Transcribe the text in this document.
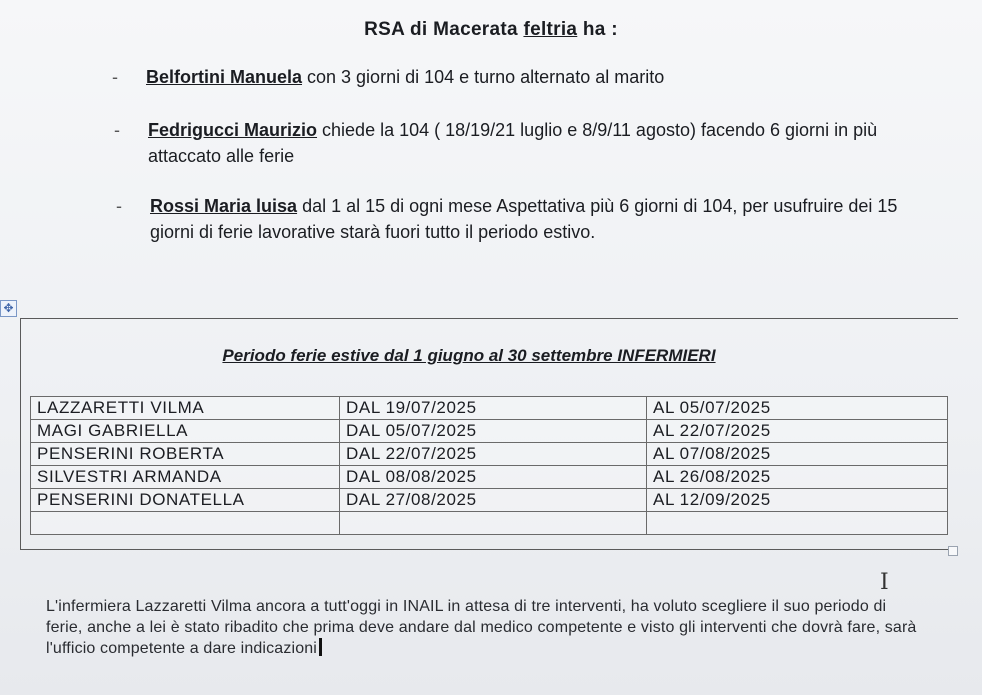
RSA di Macerata feltria ha :
- Belfortini Manuela con 3 giorni di 104 e turno alternato al marito
- Fedrigucci Maurizio chiede la 104 ( 18/19/21 luglio e 8/9/11 agosto) facendo 6 giorni in più attaccato alle ferie
- Rossi Maria luisa dal 1 al 15 di ogni mese Aspettativa più 6 giorni di 104, per usufruire dei 15 giorni di ferie lavorative starà fuori tutto il periodo estivo.
✥
Periodo ferie estive dal 1 giugno al 30 settembre INFERMIERI
LAZZARETTI VILMA	DAL 19/07/2025	AL 05/07/2025
MAGI GABRIELLA	DAL 05/07/2025	AL 22/07/2025
PENSERINI ROBERTA	DAL 22/07/2025	AL 07/08/2025
SILVESTRI ARMANDA	DAL 08/08/2025	AL 26/08/2025
PENSERINI DONATELLA	DAL 27/08/2025	AL 12/09/2025

I
L'infermiera Lazzaretti Vilma ancora a tutt'oggi in INAIL in attesa di tre interventi, ha voluto scegliere il suo periodo di ferie, anche a lei è stato ribadito che prima deve andare dal medico competente e visto gli interventi che dovrà fare, sarà l'ufficio competente a dare indicazioni
